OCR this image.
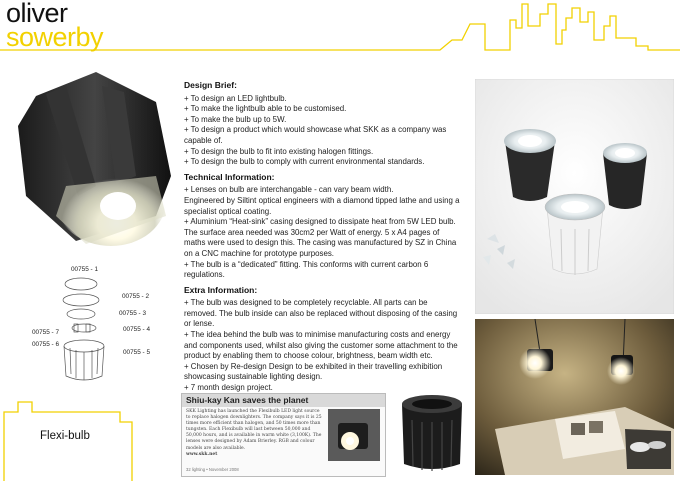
oliver
sowerby
00755 - 1
00755 - 2
00755 - 3
00755 - 4
00755 - 5
00755 - 6
00755 - 7
Flexi-bulb
Design Brief:

+ To design an LED lightbulb.

+ To make the lightbulb able to be customised.

+ To make the bulb up to 5W.

+ To design a product which would showcase what SKK as a company was capable of.

+ To design the bulb to fit into existing halogen fittings.

+ To design the bulb to comply with current environmental standards.

Technical Information:

+ Lenses on bulb are interchangable - can vary beam width.

Engineered by Siltint optical engineers with a diamond tipped lathe and using a specialist optical coating.

+ Aluminium “Heat-sink” casing designed to dissipate heat from 5W LED bulb. The surface area needed was 30cm2 per Watt of energy. 5 x A4 pages of maths were used to design this. The casing was manufactured by SZ in China on a CNC machine for prototype purposes.

+ The bulb is a “dedicated” fitting. This conforms with current carbon 6 regulations.

Extra Information:

+ The bulb was designed to be completely recyclable. All parts can be removed. The bulb inside can also be replaced without disposing of the casing or lense.

+ The idea behind the bulb was to minimise manufacturing costs and energy and components used, whilst also giving the customer some attachment to the product by enabling them to choose colour, brightness, beam width etc.

+ Chosen by Re-design Design to be exhibited in their travelling exhibition showcasing sustainable lighting design.

+ 7 month design project.

Shiu-kay Kan saves the planet
SKK Lighting has launched the Flexibulb LED light source to replace halogen downlighters. The company says it is 25 times more efficient than halogen, and 50 times more than tungsten. Each Flexibulb will last between 50,000 and 50,000 hours, and is available in warm white (3,100K). The lenses were designed by Adam Brierley. RGB and colour models are also available.
www.skk.net
32 lighting • November 2008
